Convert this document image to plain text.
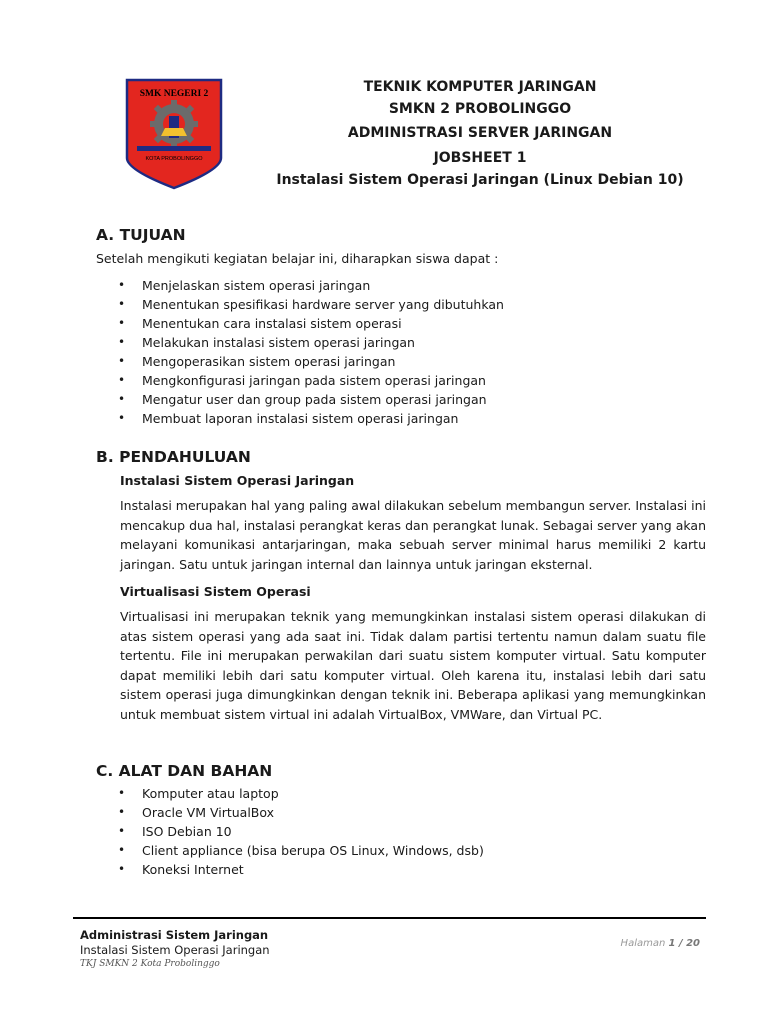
SMK NEGERI 2
KOTA PROBOLINGGO
TEKNIK KOMPUTER JARINGAN
SMKN 2 PROBOLINGGO
ADMINISTRASI SERVER JARINGAN
JOBSHEET 1
Instalasi Sistem Operasi Jaringan (Linux Debian 10)
A. TUJUAN
Setelah mengikuti kegiatan belajar ini, diharapkan siswa dapat :
• Menjelaskan sistem operasi jaringan
• Menentukan spesifikasi hardware server yang dibutuhkan
• Menentukan cara instalasi sistem operasi
• Melakukan instalasi sistem operasi jaringan
• Mengoperasikan sistem operasi jaringan
• Mengkonfigurasi jaringan pada sistem operasi jaringan
• Mengatur user dan group pada sistem operasi jaringan
• Membuat laporan instalasi sistem operasi jaringan
B. PENDAHULUAN
Instalasi Sistem Operasi Jaringan
Instalasi merupakan hal yang paling awal dilakukan sebelum membangun server. Instalasi ini mencakup dua hal, instalasi perangkat keras dan perangkat lunak. Sebagai server yang akan melayani komunikasi antarjaringan, maka sebuah server minimal harus memiliki 2 kartu jaringan. Satu untuk jaringan internal dan lainnya untuk jaringan eksternal.
Virtualisasi Sistem Operasi
Virtualisasi ini merupakan teknik yang memungkinkan instalasi sistem operasi dilakukan di atas sistem operasi yang ada saat ini. Tidak dalam partisi tertentu namun dalam suatu file tertentu. File ini merupakan perwakilan dari suatu sistem komputer virtual. Satu komputer dapat memiliki lebih dari satu komputer virtual. Oleh karena itu, instalasi lebih dari satu sistem operasi juga dimungkinkan dengan teknik ini. Beberapa aplikasi yang memungkinkan untuk membuat sistem virtual ini adalah VirtualBox, VMWare, dan Virtual PC.
C. ALAT DAN BAHAN
• Komputer atau laptop
• Oracle VM VirtualBox
• ISO Debian 10
• Client appliance (bisa berupa OS Linux, Windows, dsb)
• Koneksi Internet
Administrasi Sistem Jaringan
Instalasi Sistem Operasi Jaringan
TKJ SMKN 2 Kota Probolinggo
Halaman 1 / 20
